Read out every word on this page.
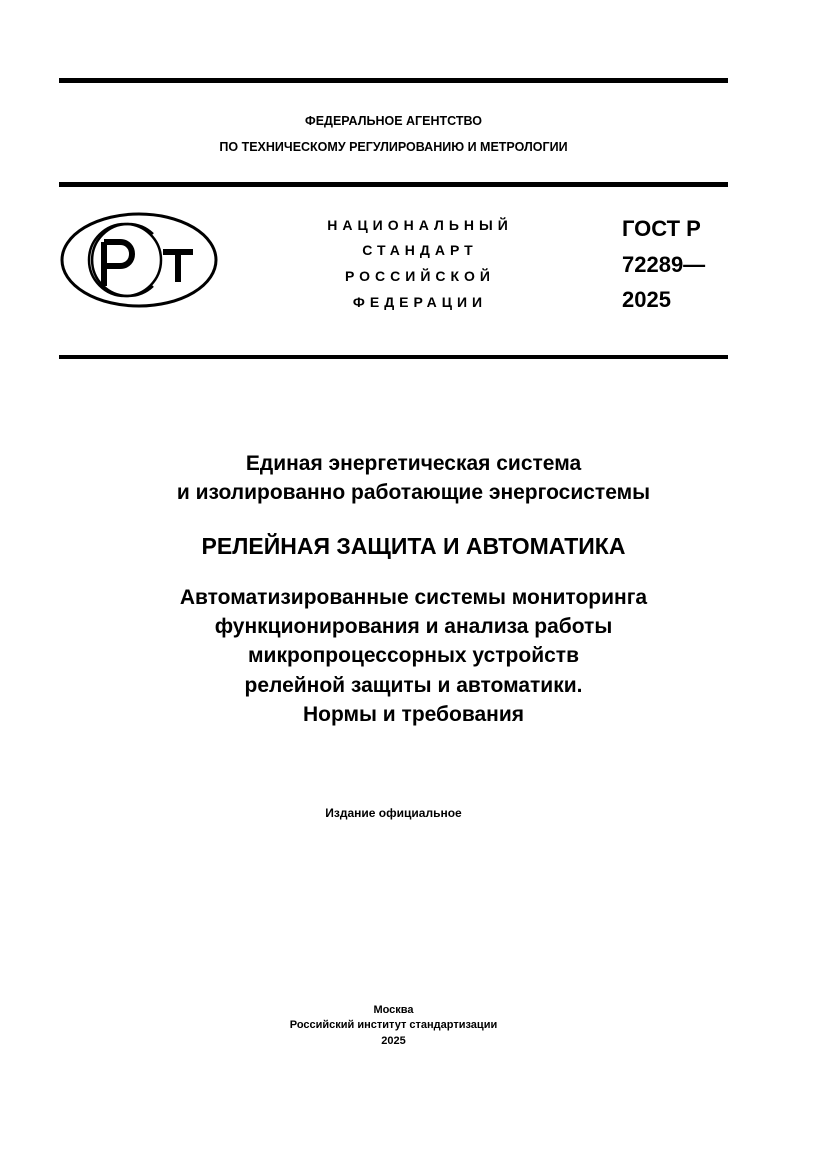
ФЕДЕРАЛЬНОЕ АГЕНТСТВО
ПО ТЕХНИЧЕСКОМУ РЕГУЛИРОВАНИЮ И МЕТРОЛОГИИ
НАЦИОНАЛЬНЫЙ
СТАНДАРТ
РОССИЙСКОЙ
ФЕДЕРАЦИИ
ГОСТ Р
72289—
2025
Единая энергетическая система
и изолированно работающие энергосистемы
РЕЛЕЙНАЯ ЗАЩИТА И АВТОМАТИКА
Автоматизированные системы мониторинга
функционирования и анализа работы
микропроцессорных устройств
релейной защиты и автоматики.
Нормы и требования
Издание официальное
Москва
Российский институт стандартизации
2025
